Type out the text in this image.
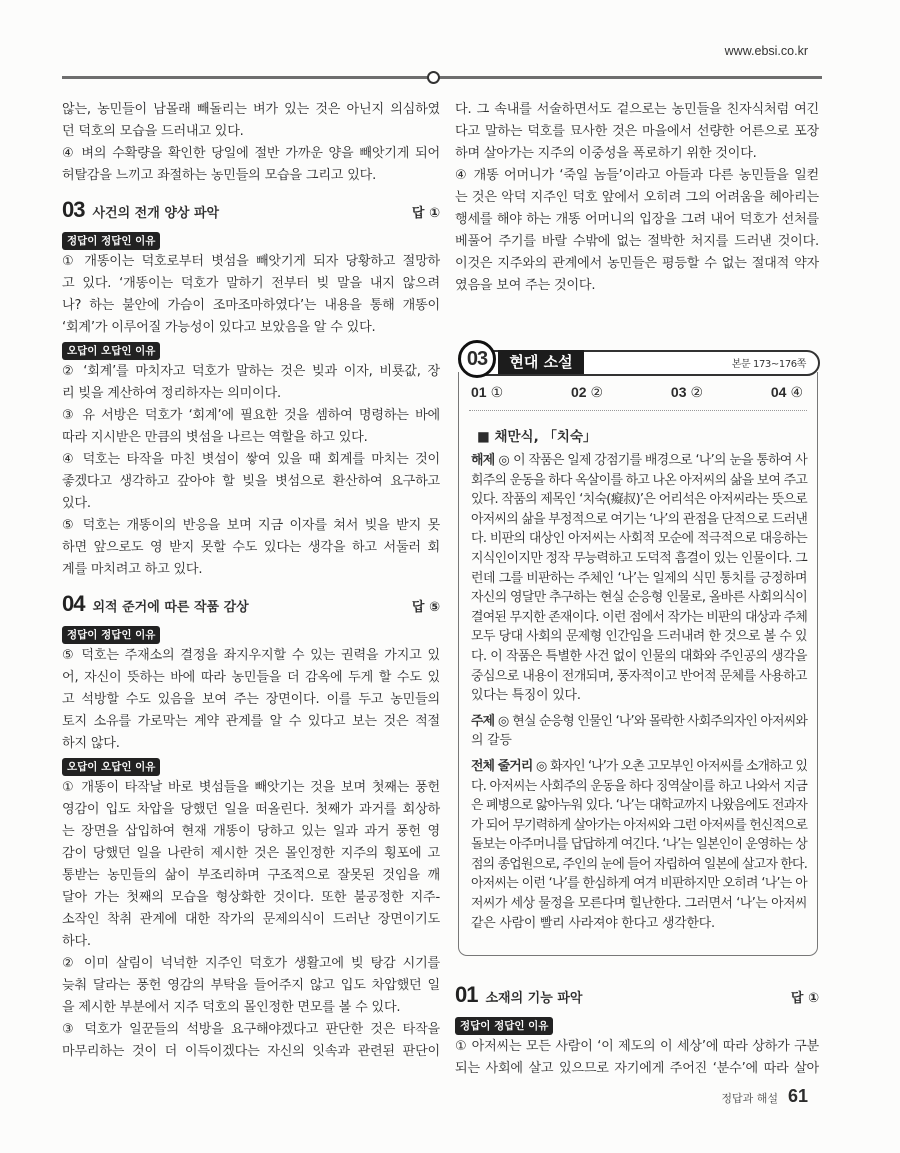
www.ebsi.co.kr
않는, 농민들이 남몰래 빼돌리는 벼가 있는 것은 아닌지 의심하였
던 덕호의 모습을 드러내고 있다.
④ 벼의 수확량을 확인한 당일에 절반 가까운 양을 빼앗기게 되어
허탈감을 느끼고 좌절하는 농민들의 모습을 그리고 있다.
03 사건의 전개 양상 파악	답 ①
정답이 정답인 이유
① 개똥이는 덕호로부터 볏섬을 빼앗기게 되자 당황하고 절망하
고 있다. ‘개똥이는 덕호가 말하기 전부터 빚 말을 내지 않으려
나? 하는 불안에 가슴이 조마조마하였다’는 내용을 통해 개똥이
‘회계’가 이루어질 가능성이 있다고 보았음을 알 수 있다.
오답이 오답인 이유
② ‘회계’를 마치자고 덕호가 말하는 것은 빚과 이자, 비룟값, 장
리 빚을 계산하여 정리하자는 의미이다.
③ 유 서방은 덕호가 ‘회계’에 필요한 것을 셈하여 명령하는 바에
따라 지시받은 만큼의 볏섬을 나르는 역할을 하고 있다.
④ 덕호는 타작을 마친 볏섬이 쌓여 있을 때 회계를 마치는 것이
좋겠다고 생각하고 갚아야 할 빚을 볏섬으로 환산하여 요구하고
있다.
⑤ 덕호는 개똥이의 반응을 보며 지금 이자를 쳐서 빚을 받지 못
하면 앞으로도 영 받지 못할 수도 있다는 생각을 하고 서둘러 회
계를 마치려고 하고 있다.
04 외적 준거에 따른 작품 감상	답 ⑤
정답이 정답인 이유
⑤ 덕호는 주재소의 결정을 좌지우지할 수 있는 권력을 가지고 있
어, 자신이 뜻하는 바에 따라 농민들을 더 감옥에 두게 할 수도 있
고 석방할 수도 있음을 보여 주는 장면이다. 이를 두고 농민들의
토지 소유를 가로막는 계약 관계를 알 수 있다고 보는 것은 적절
하지 않다.
오답이 오답인 이유
① 개똥이 타작날 바로 볏섬들을 빼앗기는 것을 보며 첫째는 풍헌
영감이 입도 차압을 당했던 일을 떠올린다. 첫째가 과거를 회상하
는 장면을 삽입하여 현재 개똥이 당하고 있는 일과 과거 풍헌 영
감이 당했던 일을 나란히 제시한 것은 몰인정한 지주의 횡포에 고
통받는 농민들의 삶이 부조리하며 구조적으로 잘못된 것임을 깨
달아 가는 첫째의 모습을 형상화한 것이다. 또한 불공정한 지주-
소작인 착취 관계에 대한 작가의 문제의식이 드러난 장면이기도
하다.
② 이미 살림이 넉넉한 지주인 덕호가 생활고에 빚 탕감 시기를
늦춰 달라는 풍헌 영감의 부탁을 들어주지 않고 입도 차압했던 일
을 제시한 부분에서 지주 덕호의 몰인정한 면모를 볼 수 있다.
③ 덕호가 일꾼들의 석방을 요구해야겠다고 판단한 것은 타작을
마무리하는 것이 더 이득이겠다는 자신의 잇속과 관련된 판단이
다. 그 속내를 서술하면서도 겉으로는 농민들을 친자식처럼 여긴
다고 말하는 덕호를 묘사한 것은 마을에서 선량한 어른으로 포장
하며 살아가는 지주의 이중성을 폭로하기 위한 것이다.
④ 개똥 어머니가 ‘죽일 놈들’이라고 아들과 다른 농민들을 일컫
는 것은 악덕 지주인 덕호 앞에서 오히려 그의 어려움을 헤아리는
행세를 해야 하는 개똥 어머니의 입장을 그려 내어 덕호가 선처를
베풀어 주기를 바랄 수밖에 없는 절박한 처지를 드러낸 것이다.
이것은 지주와의 관계에서 농민들은 평등할 수 없는 절대적 약자
였음을 보여 주는 것이다.
03	현대 소설	본문 173~176쪽
01 ①	02 ②	03 ②	04 ④
■ 채만식, 「치숙」
해제 ◎ 이 작품은 일제 강점기를 배경으로 ‘나’의 눈을 통하여 사
회주의 운동을 하다 옥살이를 하고 나온 아저씨의 삶을 보여 주고
있다. 작품의 제목인 ‘치숙(癡叔)’은 어리석은 아저씨라는 뜻으로
아저씨의 삶을 부정적으로 여기는 ‘나’의 관점을 단적으로 드러낸
다. 비판의 대상인 아저씨는 사회적 모순에 적극적으로 대응하는
지식인이지만 정작 무능력하고 도덕적 흠결이 있는 인물이다. 그
런데 그를 비판하는 주체인 ‘나’는 일제의 식민 통치를 긍정하며
자신의 영달만 추구하는 현실 순응형 인물로, 올바른 사회의식이
결여된 무지한 존재이다. 이런 점에서 작가는 비판의 대상과 주체
모두 당대 사회의 문제형 인간임을 드러내려 한 것으로 볼 수 있
다. 이 작품은 특별한 사건 없이 인물의 대화와 주인공의 생각을
중심으로 내용이 전개되며, 풍자적이고 반어적 문체를 사용하고
있다는 특징이 있다.
주제 ◎ 현실 순응형 인물인 ‘나’와 몰락한 사회주의자인 아저씨와
의 갈등
전체 줄거리 ◎ 화자인 ‘나’가 오촌 고모부인 아저씨를 소개하고 있
다. 아저씨는 사회주의 운동을 하다 징역살이를 하고 나와서 지금
은 폐병으로 앓아누워 있다. ‘나’는 대학교까지 나왔음에도 전과자
가 되어 무기력하게 살아가는 아저씨와 그런 아저씨를 헌신적으로
돌보는 아주머니를 답답하게 여긴다. ‘나’는 일본인이 운영하는 상
점의 종업원으로, 주인의 눈에 들어 자립하여 일본에 살고자 한다.
아저씨는 이런 ‘나’를 한심하게 여겨 비판하지만 오히려 ‘나’는 아
저씨가 세상 물정을 모른다며 힐난한다. 그러면서 ‘나’는 아저씨
같은 사람이 빨리 사라져야 한다고 생각한다.
01 소재의 기능 파악	답 ①
정답이 정답인 이유
① 아저씨는 모든 사람이 ‘이 제도의 이 세상’에 따라 상하가 구분
되는 사회에 살고 있으므로 자기에게 주어진 ‘분수’에 따라 살아
정답과 해설 61
